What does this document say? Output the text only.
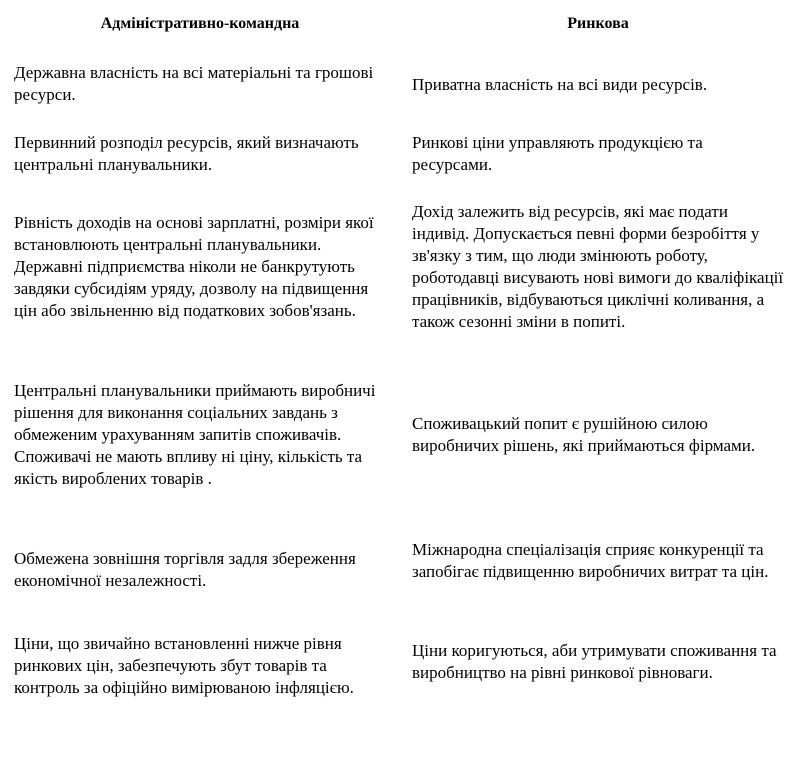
Адміністративно-командна	Ринкова

Державна власність на всі матеріальні та грошові ресурси.

Приватна власність на всі види ресурсів.

Первинний розподіл ресурсів, який визначають центральні планувальники.

Ринкові ціни управляють продукцією та ресурсами.

Рівність доходів на основі зарплатні, розміри якої встановлюють центральні планувальники. Державні підприємства ніколи не банкрутують завдяки субсидіям уряду, дозволу на підвищення цін або звільненню від податкових зобов'язань.

Дохід залежить від ресурсів, які має подати індивід. Допускається певні форми безробіття у зв'язку з тим, що люди змінюють роботу, роботодавці висувають нові вимоги до кваліфікації працівників, відбуваються циклічні коливання, а також сезонні зміни в попиті.

Центральні планувальники приймають виробничі рішення для виконання соціальних завдань з обмеженим урахуванням запитів споживачів. Споживачі не мають впливу ні ціну, кількість та якість вироблених товарів .

Споживацький попит є рушійною силою виробничих рішень, які приймаються фірмами.

Обмежена зовнішня торгівля задля збереження економічної незалежності.

Міжнародна спеціалізація сприяє конкуренції та запобігає підвищенню виробничих витрат та цін.

Ціни, що звичайно встановленні нижче рівня ринкових цін, забезпечують збут товарів та контроль за офіційно вимірюваною інфляцією.

Ціни коригуються, аби утримувати споживання та виробництво на рівні ринкової рівноваги.
